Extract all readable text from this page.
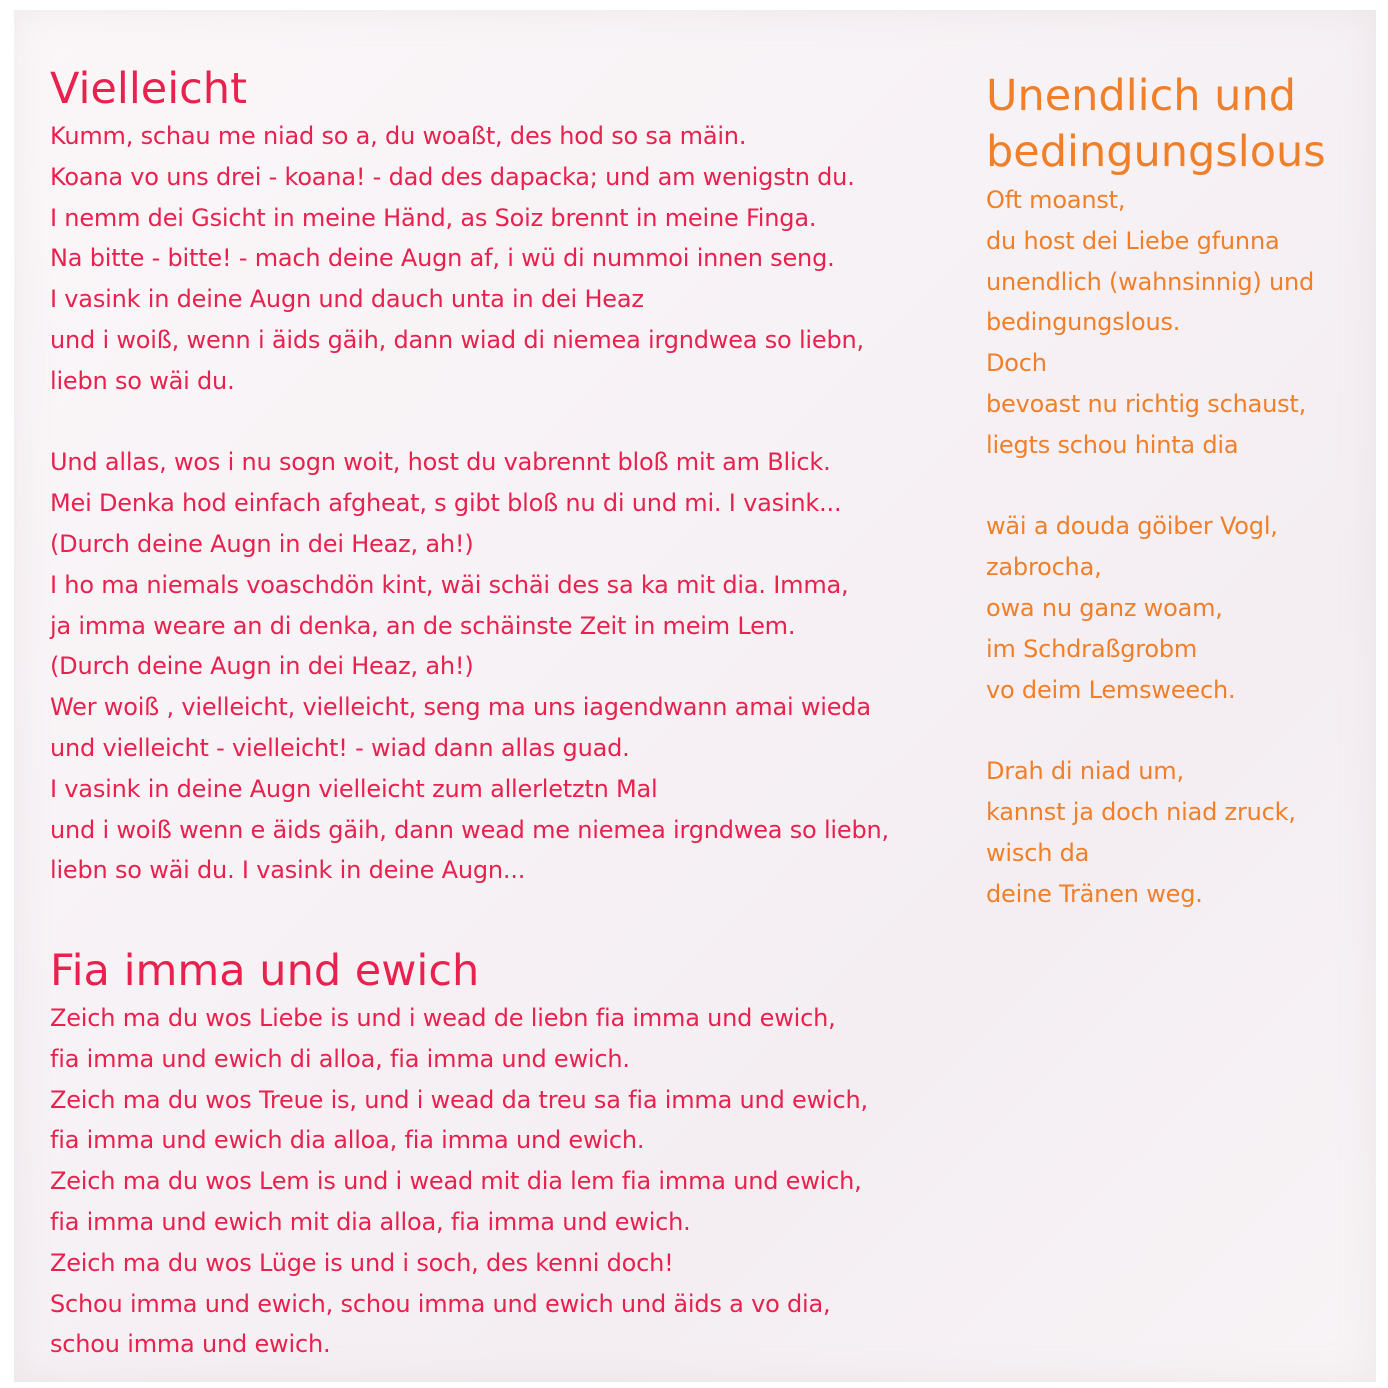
Vielleicht
Kumm, schau me niad so a, du woaßt, des hod so sa mäin.
Koana vo uns drei - koana! - dad des dapacka; und am wenigstn du.
I nemm dei Gsicht in meine Händ, as Soiz brennt in meine Finga.
Na bitte - bitte! - mach deine Augn af, i wü di nummoi innen seng.
I vasink in deine Augn und dauch unta in dei Heaz
und i woiß, wenn i äids gäih, dann wiad di niemea irgndwea so liebn,
liebn so wäi du.
Und allas, wos i nu sogn woit, host du vabrennt bloß mit am Blick.
Mei Denka hod einfach afgheat, s gibt bloß nu di und mi. I vasink...
(Durch deine Augn in dei Heaz, ah!)
I ho ma niemals voaschdön kint, wäi schäi des sa ka mit dia. Imma,
ja imma weare an di denka, an de schäinste Zeit in meim Lem.
(Durch deine Augn in dei Heaz, ah!)
Wer woiß , vielleicht, vielleicht, seng ma uns iagendwann amai wieda
und vielleicht - vielleicht! - wiad dann allas guad.
I vasink in deine Augn vielleicht zum allerletztn Mal
und i woiß wenn e äids gäih, dann wead me niemea irgndwea so liebn,
liebn so wäi du. I vasink in deine Augn...
Fia imma und ewich
Zeich ma du wos Liebe is und i wead de liebn fia imma und ewich,
fia imma und ewich di alloa, fia imma und ewich.
Zeich ma du wos Treue is, und i wead da treu sa fia imma und ewich,
fia imma und ewich dia alloa, fia imma und ewich.
Zeich ma du wos Lem is und i wead mit dia lem fia imma und ewich,
fia imma und ewich mit dia alloa, fia imma und ewich.
Zeich ma du wos Lüge is und i soch, des kenni doch!
Schou imma und ewich, schou imma und ewich und äids a vo dia,
schou imma und ewich.
Unendlich und
bedingungslous
Oft moanst,
du host dei Liebe gfunna
unendlich (wahnsinnig) und
bedingungslous.
Doch
bevoast nu richtig schaust,
liegts schou hinta dia
wäi a douda göiber Vogl,
zabrocha,
owa nu ganz woam,
im Schdraßgrobm
vo deim Lemsweech.
Drah di niad um,
kannst ja doch niad zruck,
wisch da
deine Tränen weg.
